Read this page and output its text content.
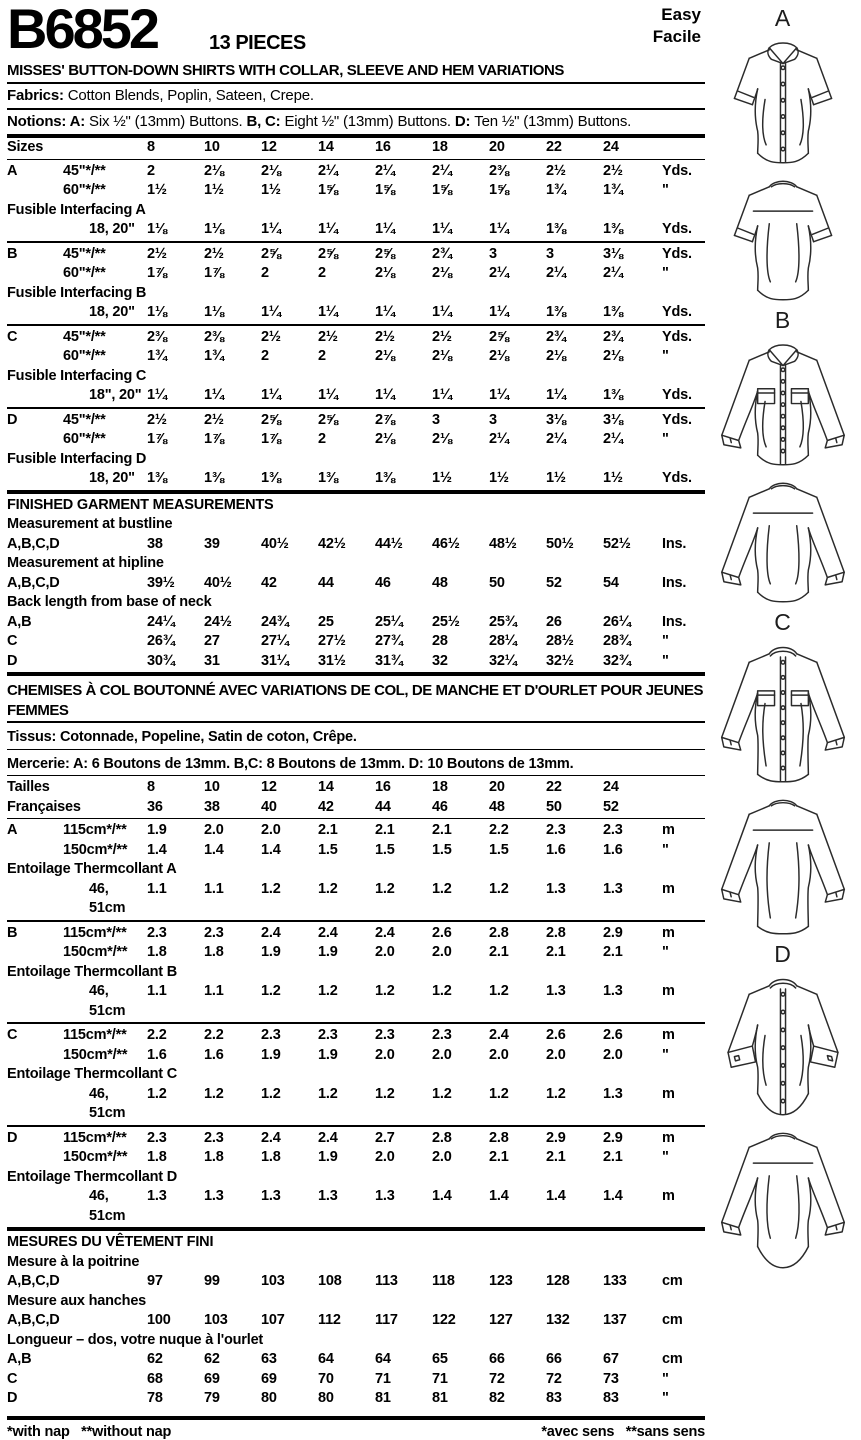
B6852	13 PIECES
Easy
Facile
MISSES' BUTTON-DOWN SHIRTS WITH COLLAR, SLEEVE AND HEM VARIATIONS
Fabrics: Cotton Blends, Poplin, Sateen, Crepe.
Notions: A: Six ½" (13mm) Buttons. B, C: Eight ½" (13mm) Buttons. D: Ten ½" (13mm) Buttons.
Sizes	8	10	12	14	16	18	20	22	24
A	45"*/**	2	2⅛	2⅛	2¼	2¼	2¼	2⅜	2½	2½	Yds.
60"*/**	1½	1½	1½	1⅝	1⅝	1⅝	1⅝	1¾	1¾	"
Fusible Interfacing A
18, 20" 1⅛	1⅛	1¼	1¼	1¼	1¼	1¼	1⅜	1⅜	Yds.
B	45"*/**	2½	2½	2⅝	2⅝	2⅝	2¾	3	3	3⅛	Yds.
60"*/**	1⅞	1⅞	2	2	2⅛	2⅛	2¼	2¼	2¼	"
Fusible Interfacing B
18, 20" 1⅛	1⅛	1¼	1¼	1¼	1¼	1¼	1⅜	1⅜	Yds.
C	45"*/**	2⅜	2⅜	2½	2½	2½	2½	2⅝	2¾	2¾	Yds.
60"*/**	1¾	1¾	2	2	2⅛	2⅛	2⅛	2⅛	2⅛	"
Fusible Interfacing C
18", 20" 1¼	1¼	1¼	1¼	1¼	1¼	1¼	1¼	1⅜	Yds.
D	45"*/**	2½	2½	2⅝	2⅝	2⅞	3	3	3⅛	3⅛	Yds.
60"*/**	1⅞	1⅞	1⅞	2	2⅛	2⅛	2¼	2¼	2¼	"
Fusible Interfacing D
18, 20" 1⅜	1⅜	1⅜	1⅜	1⅜	1½	1½	1½	1½	Yds.
FINISHED GARMENT MEASUREMENTS
Measurement at bustline
A,B,C,D	38	39	40½	42½	44½	46½	48½	50½	52½	Ins.
Measurement at hipline
A,B,C,D	39½	40½	42	44	46	48	50	52	54	Ins.
Back length from base of neck
A,B	24¼	24½	24¾	25	25¼	25½	25¾	26	26¼	Ins.
C	26¾	27	27¼	27½	27¾	28	28¼	28½	28¾	"
D	30¾	31	31¼	31½	31¾	32	32¼	32½	32¾	"
CHEMISES À COL BOUTONNÉ AVEC VARIATIONS DE COL, DE MANCHE ET D'OURLET POUR JEUNES FEMMES
Tissus: Cotonnade, Popeline, Satin de coton, Crêpe.
Mercerie: A: 6 Boutons de 13mm. B,C: 8 Boutons de 13mm. D: 10 Boutons de 13mm.
Tailles	8	10	12	14	16	18	20	22	24
Françaises	36	38	40	42	44	46	48	50	52
A	115cm*/**	1.9	2.0	2.0	2.1	2.1	2.1	2.2	2.3	2.3	m
150cm*/**	1.4	1.4	1.4	1.5	1.5	1.5	1.5	1.6	1.6	"
Entoilage Thermcollant A
46, 51cm
1.1	1.1	1.2	1.2	1.2	1.2	1.2	1.3	1.3	m
B	115cm*/**	2.3	2.3	2.4	2.4	2.4	2.6	2.8	2.8	2.9	m
150cm*/**	1.8	1.8	1.9	1.9	2.0	2.0	2.1	2.1	2.1	"
Entoilage Thermcollant B
46, 51cm
1.1	1.1	1.2	1.2	1.2	1.2	1.2	1.3	1.3	m
C	115cm*/**	2.2	2.2	2.3	2.3	2.3	2.3	2.4	2.6	2.6	m
150cm*/**	1.6	1.6	1.9	1.9	2.0	2.0	2.0	2.0	2.0	"
Entoilage Thermcollant C
46, 51cm
1.2	1.2	1.2	1.2	1.2	1.2	1.2	1.2	1.3	m
D	115cm*/**	2.3	2.3	2.4	2.4	2.7	2.8	2.8	2.9	2.9	m
150cm*/**	1.8	1.8	1.8	1.9	2.0	2.0	2.1	2.1	2.1	"
Entoilage Thermcollant D
46, 51cm
1.3	1.3	1.3	1.3	1.3	1.4	1.4	1.4	1.4	m
MESURES DU VÊTEMENT FINI
Mesure à la poitrine
A,B,C,D	97	99	103	108	113	118	123	128	133	cm
Mesure aux hanches
A,B,C,D	100	103	107	112	117	122	127	132	137	cm
Longueur – dos, votre nuque à l'ourlet
A,B	62	62	63	64	64	65	66	66	67	cm
C	68	69	69	70	71	71	72	72	73	"
D	78	79	80	80	81	81	82	83	83	"
*with nap   **without nap	*avec sens   **sans sens
A
B
C
D
